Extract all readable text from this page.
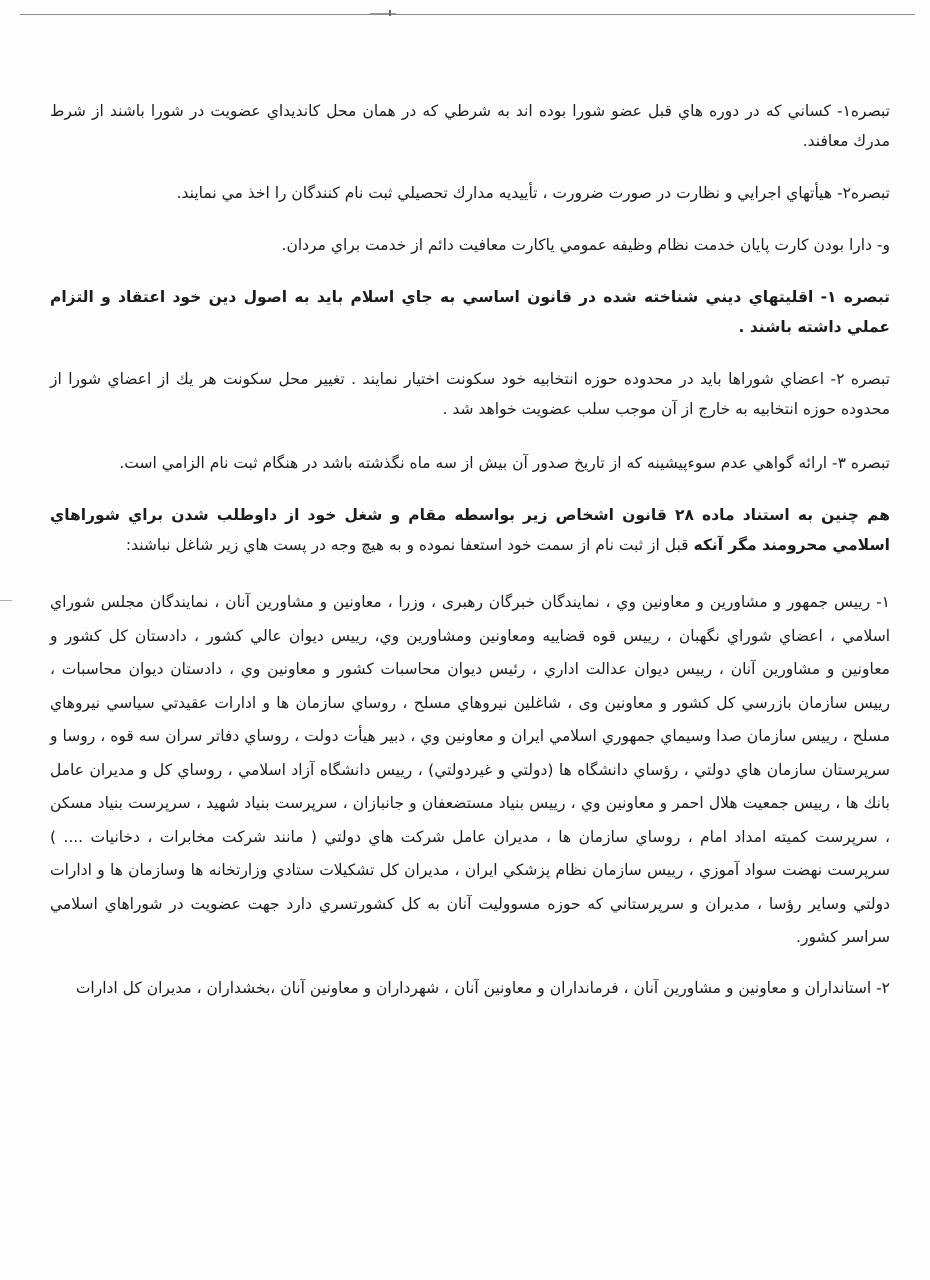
تبصره۱- كساني كه در دوره هاي قبل عضو شورا بوده اند به شرطي كه در همان محل كانديداي عضويت در شورا باشند از شرط مدرك معافند.

تبصره۲- هيأتهاي اجرايي و نظارت در صورت ضرورت ، تأييديه مدارك تحصيلي ثبت نام كنندگان را اخذ مي نمايند.

و- دارا بودن كارت پايان خدمت نظام وظيفه عمومي ياكارت معافيت دائم از خدمت براي مردان.

تبصره ۱- اقليتهاي ديني شناخته شده در قانون اساسي به جاي اسلام بايد به اصول دين خود اعتقاد و التزام عملي داشته باشند .

تبصره ۲- اعضاي شوراها بايد در محدوده حوزه انتخابيه خود سكونت اختيار نمايند . تغيير محل سكونت هر يك از اعضاي شورا از محدوده حوزه انتخابيه به خارج از آن موجب سلب عضويت خواهد شد .

تبصره ۳- ارائه گواهي عدم سوءپيشينه كه از تاريخ صدور آن بيش از سه ماه نگذشته باشد در هنگام ثبت نام الزامي است.

هم چنين به استناد ماده ۲۸ قانون اشخاص زير بواسطه مقام و شغل خود از داوطلب شدن براي شوراهاي اسلامي محرومند مگر آنكه قبل از ثبت نام از سمت خود استعفا نموده و به هيچ وجه در پست هاي زير شاغل نباشند:

۱- رييس جمهور و مشاورين و معاونين وي ، نمايندگان خبرگان رهبری ، وزرا ، معاونين و مشاورين آنان ، نمايندگان مجلس شوراي اسلامي ، اعضاي شوراي نگهبان ، رييس قوه قضاييه ومعاونين ومشاورين وي، رييس ديوان عالي كشور ، دادستان كل كشور و معاونين و مشاورين آنان ، رييس ديوان عدالت اداري ، رئيس ديوان محاسبات كشور و معاونين وي ، دادستان ديوان محاسبات ، رييس سازمان بازرسي كل كشور و معاونين وی ، شاغلين نيروهاي مسلح ، روساي سازمان ها و ادارات عقيدتي سياسي نيروهاي مسلح ، رييس سازمان صدا وسيماي جمهوري اسلامي ايران و معاونين وي ، دبير هيأت دولت ، روساي دفاتر سران سه قوه ، روسا و سرپرستان سازمان هاي دولتي ، رؤساي دانشگاه ها (دولتي و غيردولتي) ، رييس دانشگاه آزاد اسلامي ، روساي كل و مديران عامل بانك ها ، رييس جمعيت هلال احمر و معاونين وي ، رييس بنياد مستضعفان و جانبازان ، سرپرست بنياد شهيد ، سرپرست بنياد مسكن ، سرپرست كميته امداد امام ، روساي سازمان ها ، مديران عامل شركت هاي دولتي ( مانند شركت مخابرات ، دخانيات .... ) سرپرست نهضت سواد آموزي ، رييس سازمان نظام پزشكي ايران ، مديران كل تشكيلات ستادي وزارتخانه ها وسازمان ها و ادارات دولتي وساير رؤسا ، مديران و سرپرستاني كه حوزه مسووليت آنان به كل كشورتسري دارد جهت عضويت در شوراهاي اسلامي سراسر كشور.

۲- استانداران و معاونين و مشاورين آنان ، فرمانداران و معاونين آنان ، شهرداران و معاونين آنان ،بخشداران ، مديران كل ادارات
